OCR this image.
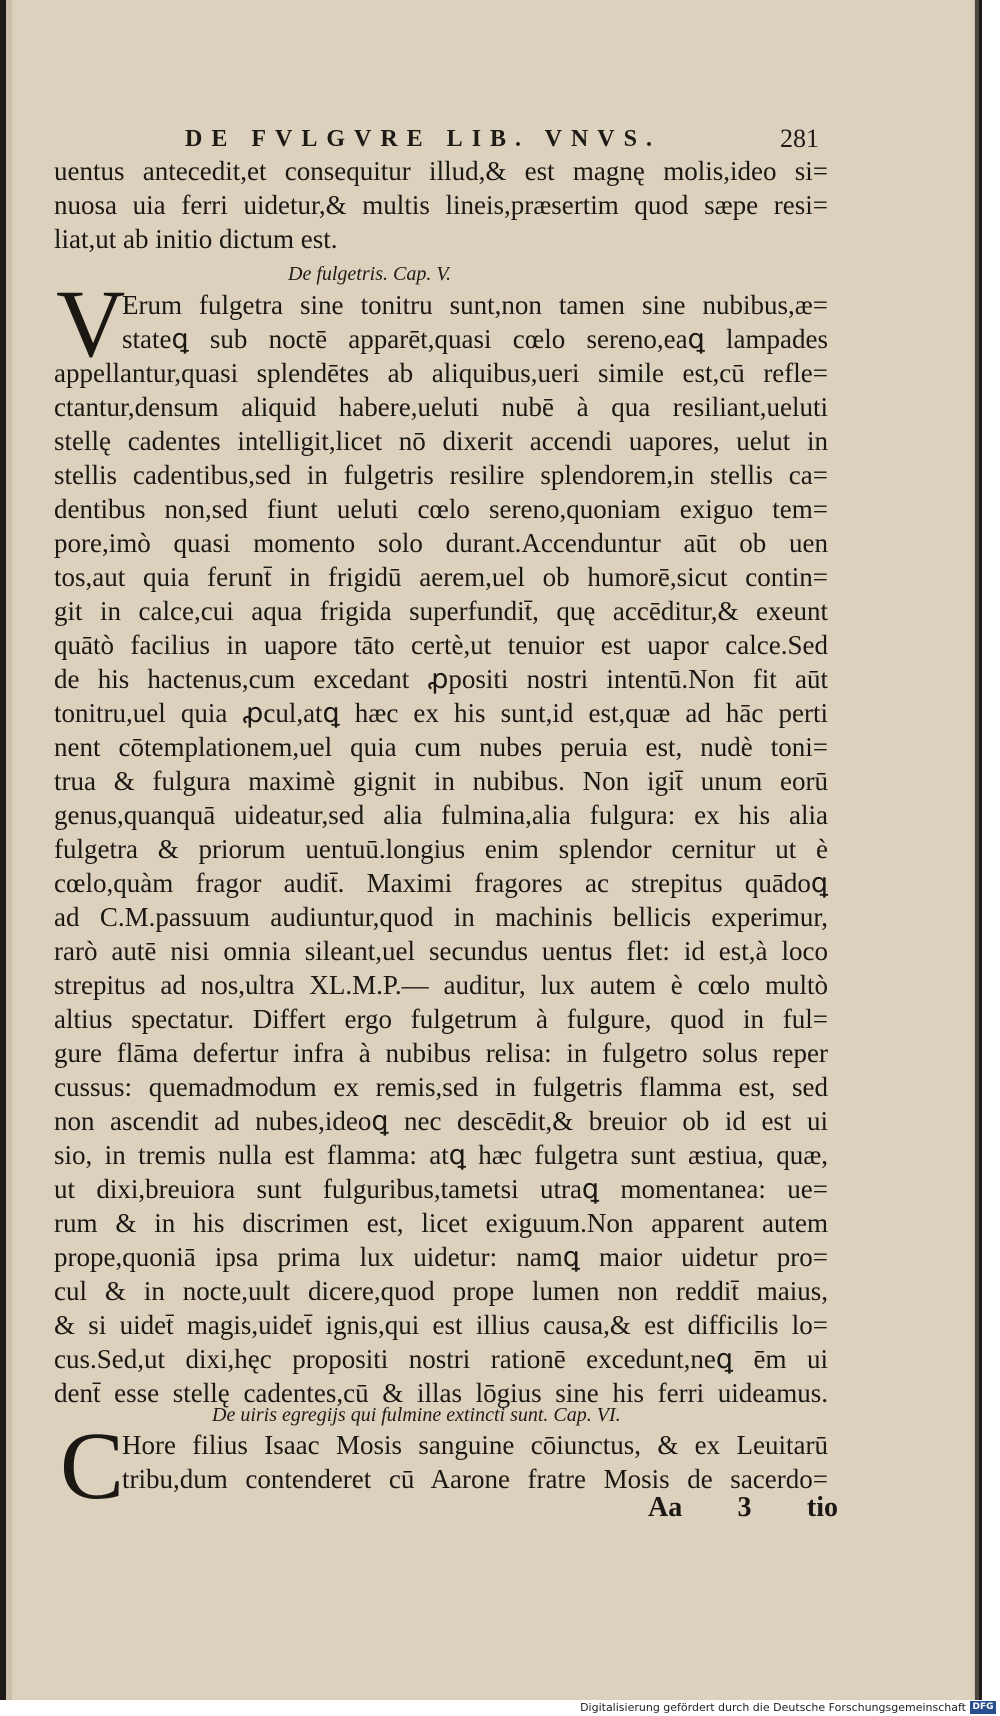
DE FVLGVRE LIB. VNVS.	281
uentus antecedit,et consequitur illud,& est magnę molis,ideo si=
nuosa uia ferri uidetur,& multis lineis,præsertim quod sæpe resi=
liat,ut ab initio dictum est.
De fulgetris. Cap. V.
V
Erum fulgetra sine tonitru sunt,non tamen sine nubibus,æ=
stateꝗ sub noctē apparēt,quasi cœlo sereno,eaꝗ lampades
appellantur,quasi splendētes ab aliquibus,ueri simile est,cū refle=
ctantur,densum aliquid habere,ueluti nubē à qua resiliant,ueluti
stellę cadentes intelligit,licet nō dixerit accendi uapores, uelut in
stellis cadentibus,sed in fulgetris resilire splendorem,in stellis ca=
dentibus non,sed fiunt ueluti cœlo sereno,quoniam exiguo tem=
pore,imò quasi momento solo durant.Accenduntur aūt ob uen
tos,aut quia ferunt̄ in frigidū aerem,uel ob humorē,sicut contin=
git in calce,cui aqua frigida superfundit̄, quę accēditur,& exeunt
quātò facilius in uapore tāto certè,ut tenuior est uapor calce.Sed
de his hactenus,cum excedant ꝓpositi nostri intentū.Non fit aūt
tonitru,uel quia ꝓcul,atꝗ hæc ex his sunt,id est,quæ ad hāc perti
nent cōtemplationem,uel quia cum nubes peruia est, nudè toni=
trua & fulgura maximè gignit in nubibus. Non igit̄ unum eorū
genus,quanquā uideatur,sed alia fulmina,alia fulgura: ex his alia
fulgetra & priorum uentuū.longius enim splendor cernitur ut è
cœlo,quàm fragor audit̄. Maximi fragores ac strepitus quādoꝗ
ad C.M.passuum audiuntur,quod in machinis bellicis experimur,
rarò autē nisi omnia sileant,uel secundus uentus flet: id est,à loco
strepitus ad nos,ultra XL.M.P.— auditur, lux autem è cœlo multò
altius spectatur. Differt ergo fulgetrum à fulgure, quod in ful=
gure flāma defertur infra à nubibus relisa: in fulgetro solus reper
cussus: quemadmodum ex remis,sed in fulgetris flamma est, sed
non ascendit ad nubes,ideoꝗ nec descēdit,& breuior ob id est ui
sio, in tremis nulla est flamma: atꝗ hæc fulgetra sunt æstiua, quæ,
ut dixi,breuiora sunt fulguribus,tametsi utraꝗ momentanea: ue=
rum & in his discrimen est, licet exiguum.Non apparent autem
prope,quoniā ipsa prima lux uidetur: namꝗ maior uidetur pro=
cul & in nocte,uult dicere,quod prope lumen non reddit̄ maius,
& si uidet̄ magis,uidet̄ ignis,qui est illius causa,& est difficilis lo=
cus.Sed,ut dixi,hęc propositi nostri rationē excedunt,neꝗ ēm ui
dent̄ esse stellę cadentes,cū & illas lōgius sine his ferri uideamus.
De uiris egregijs qui fulmine extincti sunt. Cap. VI.
C
Hore filius Isaac Mosis sanguine cōiunctus, & ex Leuitarū
tribu,dum contenderet cū Aarone fratre Mosis de sacerdo=
Aa 3 tio
Digitalisierung gefördert durch die Deutsche Forschungsgemeinschaft DFG
